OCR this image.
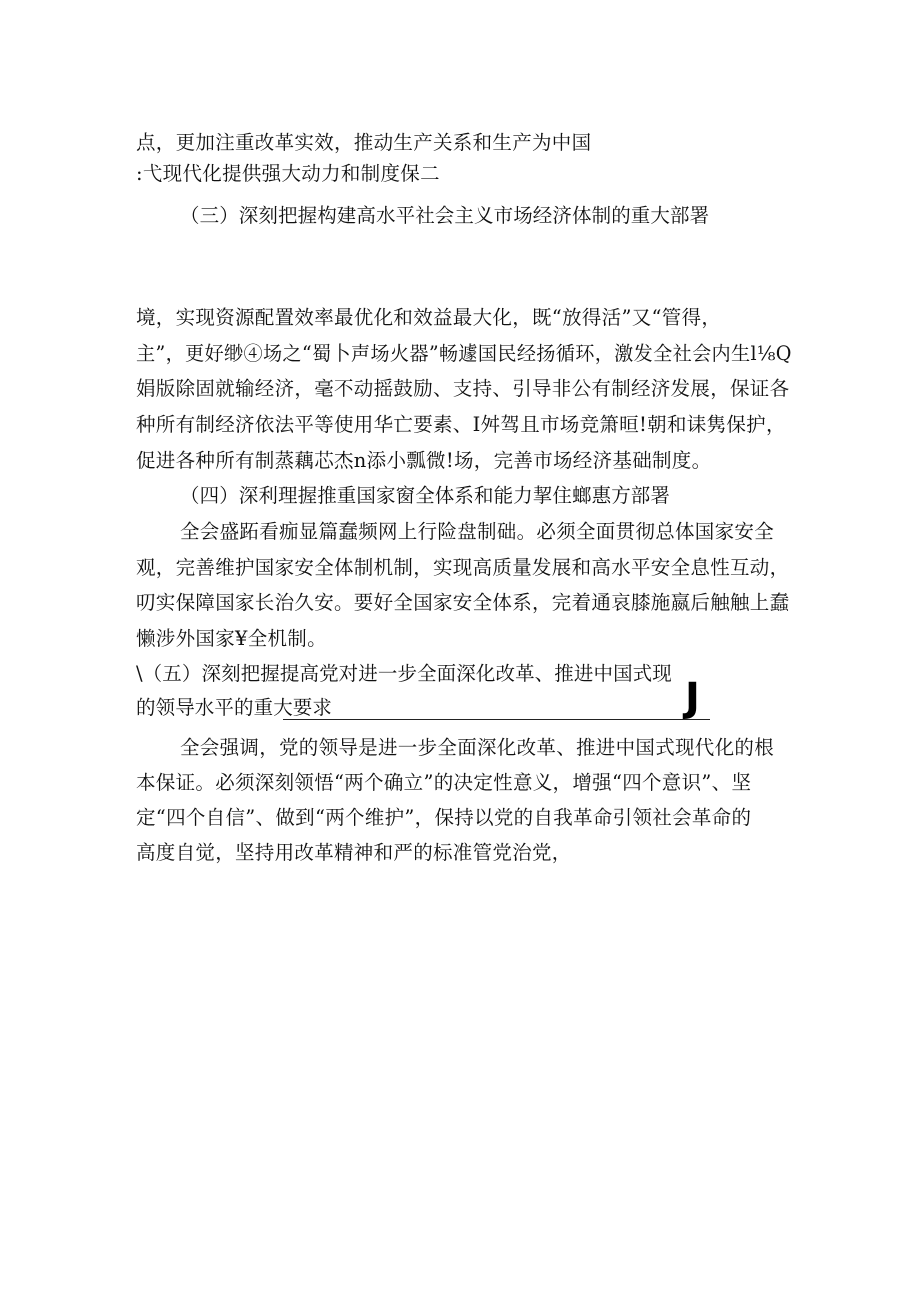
点，更加注重改革实效，推动生产关系和生产为中国
:弋现代化提供强大动力和制度保二
（三）深刻把握构建高水平社会主义市场经济体制的重大部署
境，实现资源配置效率最优化和效益最大化，既“放得活”又“管得，
主”，更好缈④场之“蜀卜声场火器”畅遽国民经扬循环，激发全社会内生l⅛Q
娟版除固就输经济，毫不动摇鼓励、支持、引导非公有制经济发展，保证各
种所有制经济依法平等使用华亡要素、I舛驾且市场竞箫晅!朝和诔隽保护，
促进各种所有制蒸藕芯杰n添小瓢微!场，完善市场经济基础制度。
（四）深利理握推重国家窗全体系和能力挈住螂惠方部署
全会盛跖看痂显篇蠢频网上行险盘制础。必须全面贯彻总体国家安全
观，完善维护国家安全体制机制，实现高质量发展和高水平安全息性互动，
叨实保障国家长治久安。要好全国家安全体系，完着通哀膝施嬴后触触上蠢
懒涉外国家¥全机制。
\（五）深刻把握提高党对进一步全面深化改革、推进中国式现
的领导水平的重大要求	J
全会强调，党的领导是进一步全面深化改革、推进中国式现代化的根
本保证。必须深刻领悟“两个确立”的决定性意义，增强“四个意识”、坚
定“四个自信”、做到“两个维护”，保持以党的自我革命引领社会革命的
高度自觉，坚持用改革精神和严的标准管党治党，
